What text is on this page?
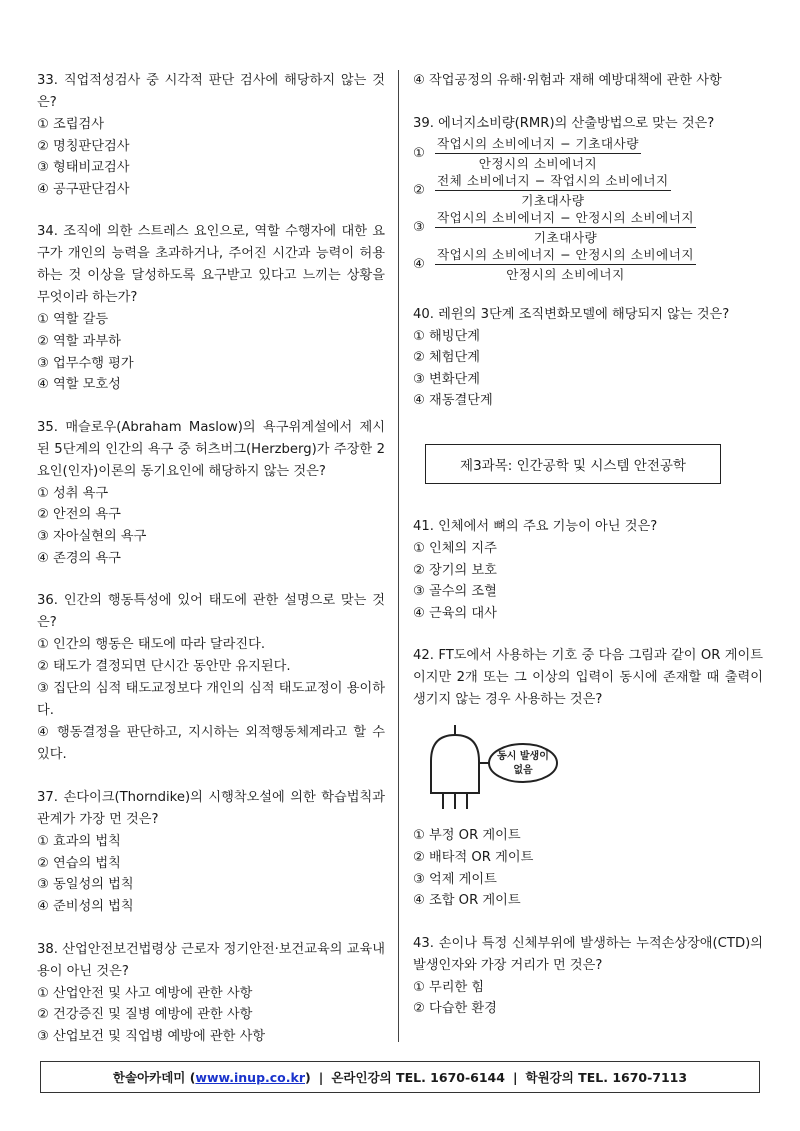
33. 직업적성검사 중 시각적 판단 검사에 해당하지 않는 것은?

① 조립검사

② 명칭판단검사

③ 형태비교검사

④ 공구판단검사

34. 조직에 의한 스트레스 요인으로, 역할 수행자에 대한 요구가 개인의 능력을 초과하거나, 주어진 시간과 능력이 허용하는 것 이상을 달성하도록 요구받고 있다고 느끼는 상황을 무엇이라 하는가?

① 역할 갈등

② 역할 과부하

③ 업무수행 평가

④ 역할 모호성

35. 매슬로우(Abraham Maslow)의 욕구위계설에서 제시된 5단계의 인간의 욕구 중 허츠버그(Herzberg)가 주장한 2요인(인자)이론의 동기요인에 해당하지 않는 것은?

① 성취 욕구

② 안전의 욕구

③ 자아실현의 욕구

④ 존경의 욕구

36. 인간의 행동특성에 있어 태도에 관한 설명으로 맞는 것은?

① 인간의 행동은 태도에 따라 달라진다.

② 태도가 결정되면 단시간 동안만 유지된다.

③ 집단의 심적 태도교정보다 개인의 심적 태도교정이 용이하다.

④ 행동결정을 판단하고, 지시하는 외적행동체계라고 할 수 있다.

37. 손다이크(Thorndike)의 시행착오설에 의한 학습법칙과 관계가 가장 먼 것은?

① 효과의 법칙

② 연습의 법칙

③ 동일성의 법칙

④ 준비성의 법칙

38. 산업안전보건법령상 근로자 정기안전·보건교육의 교육내용이 아닌 것은?

① 산업안전 및 사고 예방에 관한 사항

② 건강증진 및 질병 예방에 관한 사항

③ 산업보건 및 직업병 예방에 관한 사항

④ 작업공정의 유해·위험과 재해 예방대책에 관한 사항

39. 에너지소비량(RMR)의 산출방법으로 맞는 것은?

① $\frac{\text{작업시의 소비에너지 − 기초대사량}}{\text{안정시의 소비에너지}}$
② $\frac{\text{전체 소비에너지 − 작업시의 소비에너지}}{\text{기초대사량}}$
③ $\frac{\text{작업시의 소비에너지 − 안정시의 소비에너지}}{\text{기초대사량}}$
④ $\frac{\text{작업시의 소비에너지 − 안정시의 소비에너지}}{\text{안정시의 소비에너지}}$

40. 레윈의 3단계 조직변화모델에 해당되지 않는 것은?

① 해빙단계

② 체험단계

③ 변화단계

④ 재동결단계

제3과목: 인간공학 및 시스템 안전공학

41. 인체에서 뼈의 주요 기능이 아닌 것은?

① 인체의 지주

② 장기의 보호

③ 골수의 조혈

④ 근육의 대사

42. FT도에서 사용하는 기호 중 다음 그림과 같이 OR 게이트이지만 2개 또는 그 이상의 입력이 동시에 존재할 때 출력이 생기지 않는 경우 사용하는 것은?

동시 발생이
없음

① 부정 OR 게이트

② 배타적 OR 게이트

③ 억제 게이트

④ 조합 OR 게이트

43. 손이나 특정 신체부위에 발생하는 누적손상장애(CTD)의 발생인자와 가장 거리가 먼 것은?

① 무리한 힘

② 다습한 환경

한솔아카데미 ( www.inup.co.kr ) | 온라인강의 TEL. 1670-6144 | 학원강의 TEL. 1670-7113
